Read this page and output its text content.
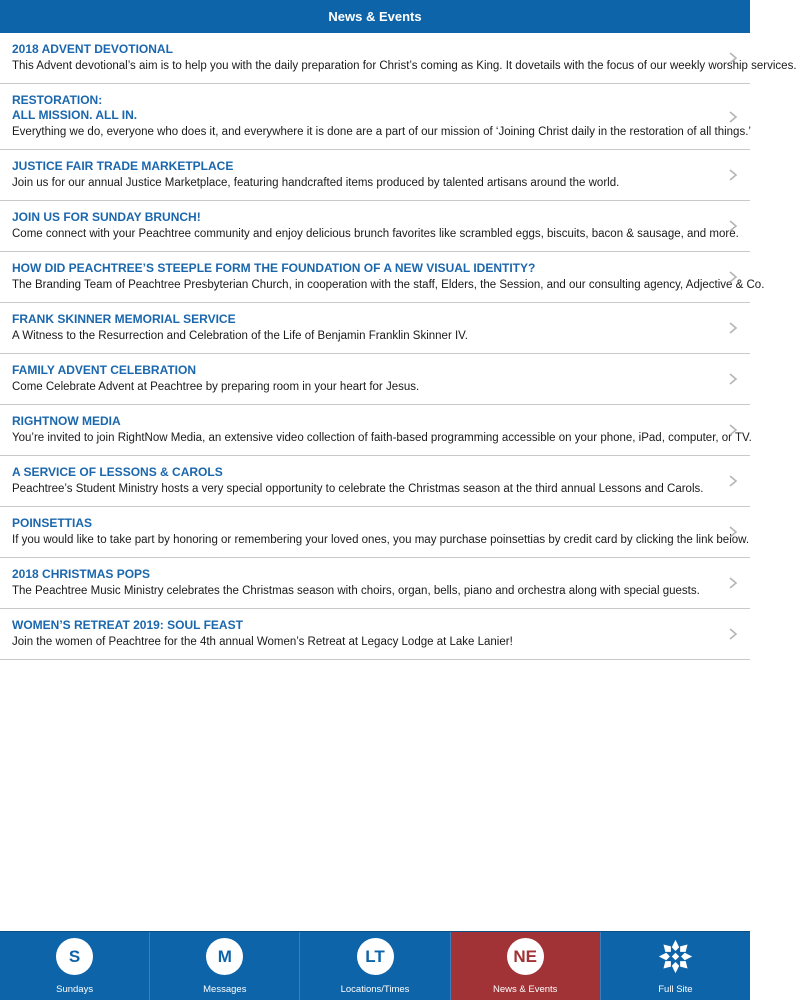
News & Events
2018 ADVENT DEVOTIONAL
This Advent devotional’s aim is to help you with the daily preparation for Christ’s coming as King. It dovetails with the focus of our weekly worship services.
RESTORATION:
ALL MISSION. ALL IN.
Everything we do, everyone who does it, and everywhere it is done are a part of our mission of ‘Joining Christ daily in the restoration of all things.’
JUSTICE FAIR TRADE MARKETPLACE
Join us for our annual Justice Marketplace, featuring handcrafted items produced by talented artisans around the world.
JOIN US FOR SUNDAY BRUNCH!
Come connect with your Peachtree community and enjoy delicious brunch favorites like scrambled eggs, biscuits, bacon & sausage, and more.
HOW DID PEACHTREE’S STEEPLE FORM THE FOUNDATION OF A NEW VISUAL IDENTITY?
The Branding Team of Peachtree Presbyterian Church, in cooperation with the staff, Elders, the Session, and our consulting agency, Adjective & Co.
FRANK SKINNER MEMORIAL SERVICE
A Witness to the Resurrection and Celebration of the Life of Benjamin Franklin Skinner IV.
FAMILY ADVENT CELEBRATION
Come Celebrate Advent at Peachtree by preparing room in your heart for Jesus.
RIGHTNOW MEDIA
You’re invited to join RightNow Media, an extensive video collection of faith-based programming accessible on your phone, iPad, computer, or TV.
A SERVICE OF LESSONS & CAROLS
Peachtree’s Student Ministry hosts a very special opportunity to celebrate the Christmas season at the third annual Lessons and Carols.
POINSETTIAS
If you would like to take part by honoring or remembering your loved ones, you may purchase poinsettias by credit card by clicking the link below.
2018 CHRISTMAS POPS
The Peachtree Music Ministry celebrates the Christmas season with choirs, organ, bells, piano and orchestra along with special guests.
WOMEN’S RETREAT 2019: SOUL FEAST
Join the women of Peachtree for the 4th annual Women’s Retreat at Legacy Lodge at Lake Lanier!
S
Sundays
M
Messages
LT
Locations/Times
NE
News & Events	Full Site
